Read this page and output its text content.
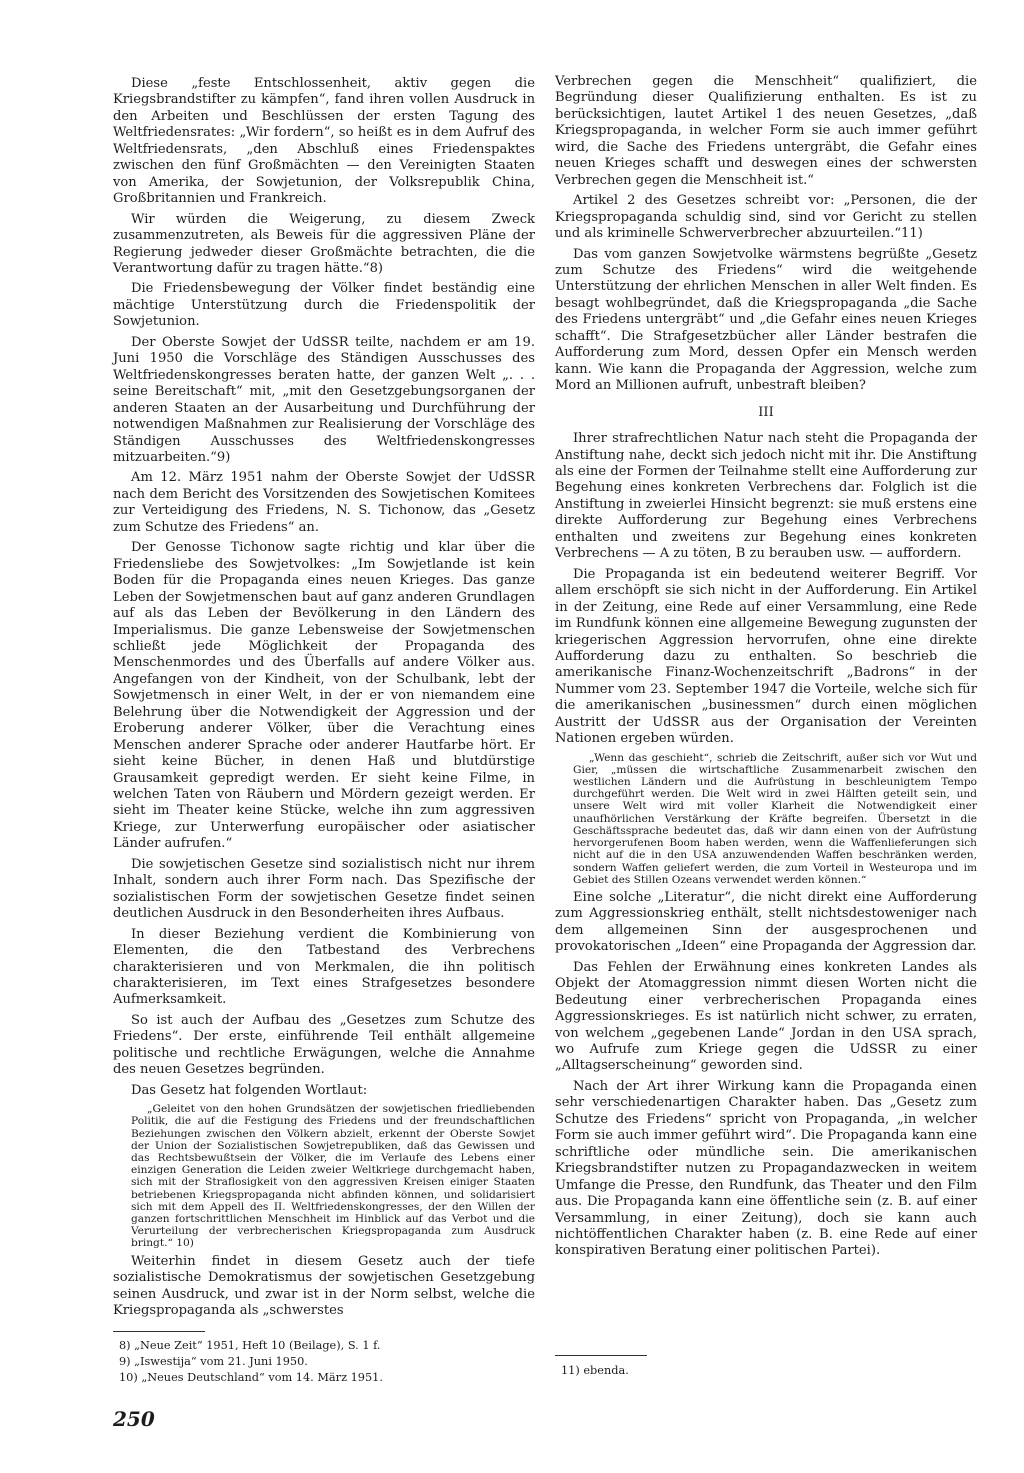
Diese „feste Entschlossenheit, aktiv gegen die Kriegsbrandstifter zu kämpfen“, fand ihren vollen Ausdruck in den Arbeiten und Beschlüssen der ersten Tagung des Weltfriedensrates: „Wir fordern“, so heißt es in dem Aufruf des Weltfriedensrats, „den Abschluß eines Friedenspaktes zwischen den fünf Großmächten — den Vereinigten Staaten von Amerika, der Sowjetunion, der Volksrepublik China, Großbritannien und Frankreich.

Wir würden die Weigerung, zu diesem Zweck zusammenzutreten, als Beweis für die aggressiven Pläne der Regierung jedweder dieser Großmächte betrachten, die die Verantwortung dafür zu tragen hätte.“8)

Die Friedensbewegung der Völker findet beständig eine mächtige Unterstützung durch die Friedenspolitik der Sowjetunion.

Der Oberste Sowjet der UdSSR teilte, nachdem er am 19. Juni 1950 die Vorschläge des Ständigen Ausschusses des Weltfriedenskongresses beraten hatte, der ganzen Welt „. . . seine Bereitschaft“ mit, „mit den Gesetzgebungsorganen der anderen Staaten an der Ausarbeitung und Durchführung der notwendigen Maßnahmen zur Realisierung der Vorschläge des Ständigen Ausschusses des Weltfriedenskongresses mitzuarbeiten.“9)

Am 12. März 1951 nahm der Oberste Sowjet der UdSSR nach dem Bericht des Vorsitzenden des Sowjetischen Komitees zur Verteidigung des Friedens, N. S. Tichonow, das „Gesetz zum Schutze des Friedens“ an.

Der Genosse Tichonow sagte richtig und klar über die Friedensliebe des Sowjetvolkes: „Im Sowjetlande ist kein Boden für die Propaganda eines neuen Krieges. Das ganze Leben der Sowjetmenschen baut auf ganz anderen Grundlagen auf als das Leben der Bevölkerung in den Ländern des Imperialismus. Die ganze Lebensweise der Sowjetmenschen schließt jede Möglichkeit der Propaganda des Menschenmordes und des Überfalls auf andere Völker aus. Angefangen von der Kindheit, von der Schulbank, lebt der Sowjetmensch in einer Welt, in der er von niemandem eine Belehrung über die Notwendigkeit der Aggression und der Eroberung anderer Völker, über die Verachtung eines Menschen anderer Sprache oder anderer Hautfarbe hört. Er sieht keine Bücher, in denen Haß und blutdürstige Grausamkeit gepredigt werden. Er sieht keine Filme, in welchen Taten von Räubern und Mördern gezeigt werden. Er sieht im Theater keine Stücke, welche ihn zum aggressiven Kriege, zur Unterwerfung europäischer oder asiatischer Länder aufrufen.“

Die sowjetischen Gesetze sind sozialistisch nicht nur ihrem Inhalt, sondern auch ihrer Form nach. Das Spezifische der sozialistischen Form der sowjetischen Gesetze findet seinen deutlichen Ausdruck in den Besonderheiten ihres Aufbaus.

In dieser Beziehung verdient die Kombinierung von Elementen, die den Tatbestand des Verbrechens charakterisieren und von Merkmalen, die ihn politisch charakterisieren, im Text eines Strafgesetzes besondere Aufmerksamkeit.

So ist auch der Aufbau des „Gesetzes zum Schutze des Friedens“. Der erste, einführende Teil enthält allgemeine politische und rechtliche Erwägungen, welche die Annahme des neuen Gesetzes begründen.

Das Gesetz hat folgenden Wortlaut:

„Geleitet von den hohen Grundsätzen der sowjetischen friedliebenden Politik, die auf die Festigung des Friedens und der freundschaftlichen Beziehungen zwischen den Völkern abzielt, erkennt der Oberste Sowjet der Union der Sozialistischen Sowjetrepubliken, daß das Gewissen und das Rechtsbewußtsein der Völker, die im Verlaufe des Lebens einer einzigen Generation die Leiden zweier Weltkriege durchgemacht haben, sich mit der Straflosigkeit von den aggressiven Kreisen einiger Staaten betriebenen Kriegspropaganda nicht abfinden können, und solidarisiert sich mit dem Appell des II. Weltfriedenskongresses, der den Willen der ganzen fortschrittlichen Menschheit im Hinblick auf das Verbot und die Verurteilung der verbrecherischen Kriegspropaganda zum Ausdruck bringt.“ 10)

Weiterhin findet in diesem Gesetz auch der tiefe sozialistische Demokratismus der sowjetischen Gesetzgebung seinen Ausdruck, und zwar ist in der Norm selbst, welche die Kriegspropaganda als „schwerstes

Verbrechen gegen die Menschheit“ qualifiziert, die Begründung dieser Qualifizierung enthalten. Es ist zu berücksichtigen, lautet Artikel 1 des neuen Gesetzes, „daß Kriegspropaganda, in welcher Form sie auch immer geführt wird, die Sache des Friedens untergräbt, die Gefahr eines neuen Krieges schafft und deswegen eines der schwersten Verbrechen gegen die Menschheit ist.“

Artikel 2 des Gesetzes schreibt vor: „Personen, die der Kriegspropaganda schuldig sind, sind vor Gericht zu stellen und als kriminelle Schwerverbrecher abzuurteilen.“11)

Das vom ganzen Sowjetvolke wärmstens begrüßte „Gesetz zum Schutze des Friedens“ wird die weitgehende Unterstützung der ehrlichen Menschen in aller Welt finden. Es besagt wohlbegründet, daß die Kriegspropaganda „die Sache des Friedens untergräbt“ und „die Gefahr eines neuen Krieges schafft“. Die Strafgesetzbücher aller Länder bestrafen die Aufforderung zum Mord, dessen Opfer ein Mensch werden kann. Wie kann die Propaganda der Aggression, welche zum Mord an Millionen aufruft, unbestraft bleiben?

III

Ihrer strafrechtlichen Natur nach steht die Propaganda der Anstiftung nahe, deckt sich jedoch nicht mit ihr. Die Anstiftung als eine der Formen der Teilnahme stellt eine Aufforderung zur Begehung eines konkreten Verbrechens dar. Folglich ist die Anstiftung in zweierlei Hinsicht begrenzt: sie muß erstens eine direkte Aufforderung zur Begehung eines Verbrechens enthalten und zweitens zur Begehung eines konkreten Verbrechens — A zu töten, B zu berauben usw. — auffordern.

Die Propaganda ist ein bedeutend weiterer Begriff. Vor allem erschöpft sie sich nicht in der Aufforderung. Ein Artikel in der Zeitung, eine Rede auf einer Versammlung, eine Rede im Rundfunk können eine allgemeine Bewegung zugunsten der kriegerischen Aggression hervorrufen, ohne eine direkte Aufforderung dazu zu enthalten. So beschrieb die amerikanische Finanz-Wochenzeitschrift „Badrons“ in der Nummer vom 23. September 1947 die Vorteile, welche sich für die amerikanischen „businessmen“ durch einen möglichen Austritt der UdSSR aus der Organisation der Vereinten Nationen ergeben würden.

„Wenn das geschieht“, schrieb die Zeitschrift, außer sich vor Wut und Gier, „müssen die wirtschaftliche Zusammenarbeit zwischen den westlichen Ländern und die Aufrüstung in beschleunigtem Tempo durchgeführt werden. Die Welt wird in zwei Hälften geteilt sein, und unsere Welt wird mit voller Klarheit die Notwendigkeit einer unaufhörlichen Verstärkung der Kräfte begreifen. Übersetzt in die Geschäftssprache bedeutet das, daß wir dann einen von der Aufrüstung hervorgerufenen Boom haben werden, wenn die Waffenlieferungen sich nicht auf die in den USA anzuwendenden Waffen beschränken werden, sondern Waffen geliefert werden, die zum Vorteil in Westeuropa und im Gebiet des Stillen Ozeans verwendet werden können.“

Eine solche „Literatur“, die nicht direkt eine Aufforderung zum Aggressionskrieg enthält, stellt nichtsdestoweniger nach dem allgemeinen Sinn der ausgesprochenen und provokatorischen „Ideen“ eine Propaganda der Aggression dar.

Das Fehlen der Erwähnung eines konkreten Landes als Objekt der Atomaggression nimmt diesen Worten nicht die Bedeutung einer verbrecherischen Propaganda eines Aggressionskrieges. Es ist natürlich nicht schwer, zu erraten, von welchem „gegebenen Lande“ Jordan in den USA sprach, wo Aufrufe zum Kriege gegen die UdSSR zu einer „Alltagserscheinung“ geworden sind.

Nach der Art ihrer Wirkung kann die Propaganda einen sehr verschiedenartigen Charakter haben. Das „Gesetz zum Schutze des Friedens“ spricht von Propaganda, „in welcher Form sie auch immer geführt wird“. Die Propaganda kann eine schriftliche oder mündliche sein. Die amerikanischen Kriegsbrandstifter nutzen zu Propagandazwecken in weitem Umfange die Presse, den Rundfunk, das Theater und den Film aus. Die Propaganda kann eine öffentliche sein (z. B. auf einer Versammlung, in einer Zeitung), doch sie kann auch nichtöffentlichen Charakter haben (z. B. eine Rede auf einer konspirativen Beratung einer politischen Partei).

8) „Neue Zeit“ 1951, Heft 10 (Beilage), S. 1 f.
9) „Iswestija“ vom 21. Juni 1950.
10) „Neues Deutschland“ vom 14. März 1951.
11) ebenda.
250
